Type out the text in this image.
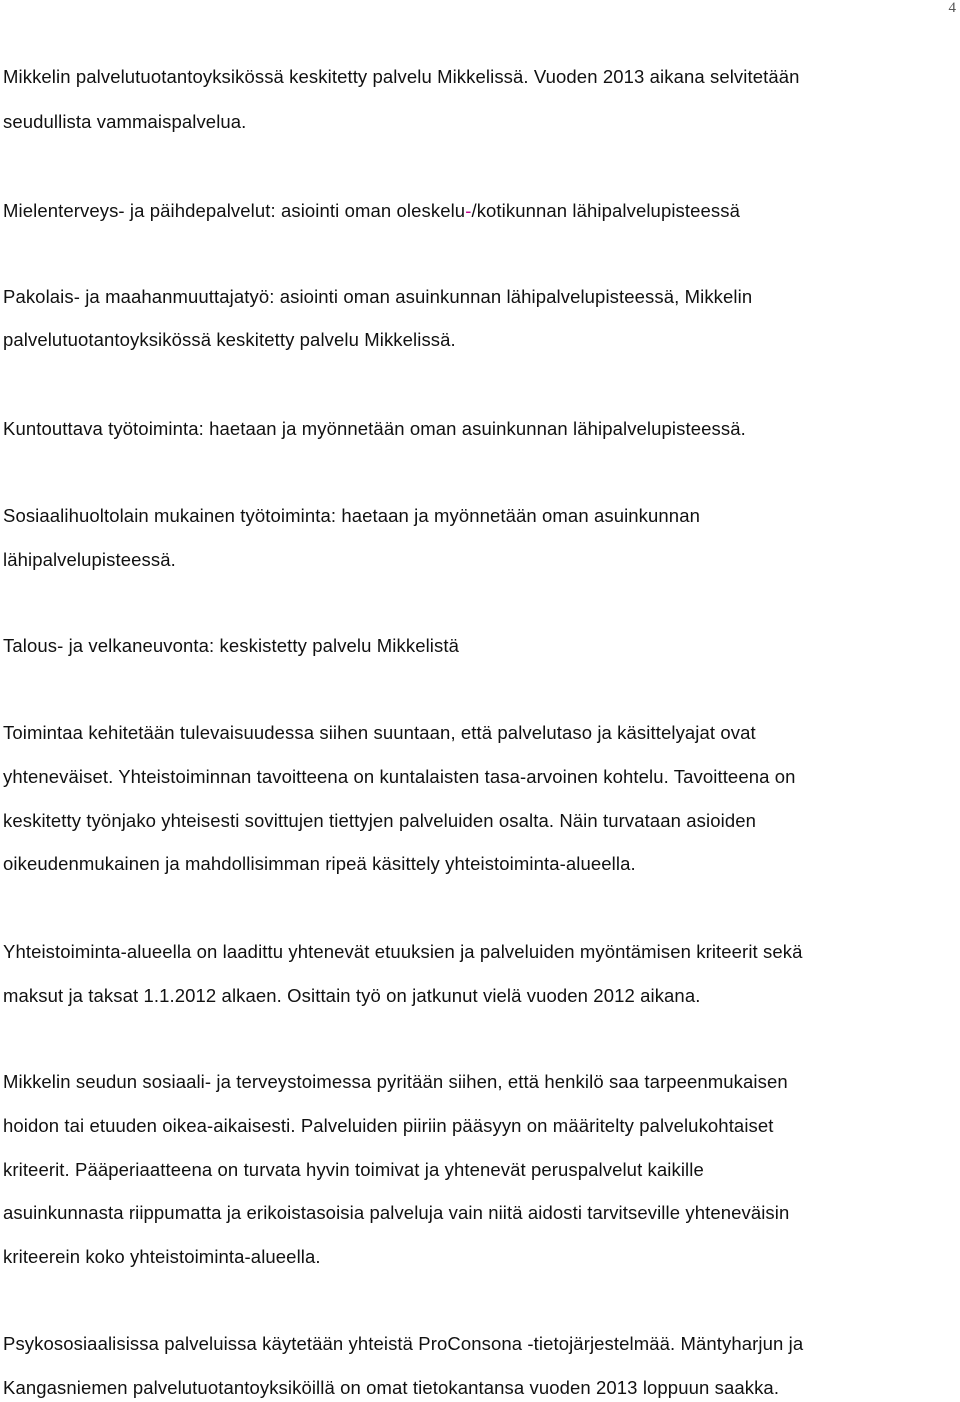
4
Mikkelin palvelutuotantoyksikössä keskitetty palvelu Mikkelissä. Vuoden 2013 aikana selvitetään
seudullista vammaispalvelua.
Mielenterveys- ja päihdepalvelut: asiointi oman oleskelu-/kotikunnan lähipalvelupisteessä
Pakolais- ja maahanmuuttajatyö: asiointi oman asuinkunnan lähipalvelupisteessä, Mikkelin
palvelutuotantoyksikössä keskitetty palvelu Mikkelissä.
Kuntouttava työtoiminta: haetaan ja myönnetään oman asuinkunnan lähipalvelupisteessä.
Sosiaalihuoltolain mukainen työtoiminta: haetaan ja myönnetään oman asuinkunnan
lähipalvelupisteessä.
Talous- ja velkaneuvonta: keskistetty palvelu Mikkelistä
Toimintaa kehitetään tulevaisuudessa siihen suuntaan, että palvelutaso ja käsittelyajat ovat
yhteneväiset. Yhteistoiminnan tavoitteena on kuntalaisten tasa-arvoinen kohtelu. Tavoitteena on
keskitetty työnjako yhteisesti sovittujen tiettyjen palveluiden osalta. Näin turvataan asioiden
oikeudenmukainen ja mahdollisimman ripeä käsittely yhteistoiminta-alueella.
Yhteistoiminta-alueella on laadittu yhtenevät etuuksien ja palveluiden myöntämisen kriteerit sekä
maksut ja taksat 1.1.2012 alkaen. Osittain työ on jatkunut vielä vuoden 2012 aikana.
Mikkelin seudun sosiaali- ja terveystoimessa pyritään siihen, että henkilö saa tarpeenmukaisen
hoidon tai etuuden oikea-aikaisesti. Palveluiden piiriin pääsyyn on määritelty palvelukohtaiset
kriteerit. Pääperiaatteena on turvata hyvin toimivat ja yhtenevät peruspalvelut kaikille
asuinkunnasta riippumatta ja erikoistasoisia palveluja vain niitä aidosti tarvitseville yhteneväisin
kriteerein koko yhteistoiminta-alueella.
Psykososiaalisissa palveluissa käytetään yhteistä ProConsona -tietojärjestelmää. Mäntyharjun ja
Kangasniemen palvelutuotantoyksiköillä on omat tietokantansa vuoden 2013 loppuun saakka.
